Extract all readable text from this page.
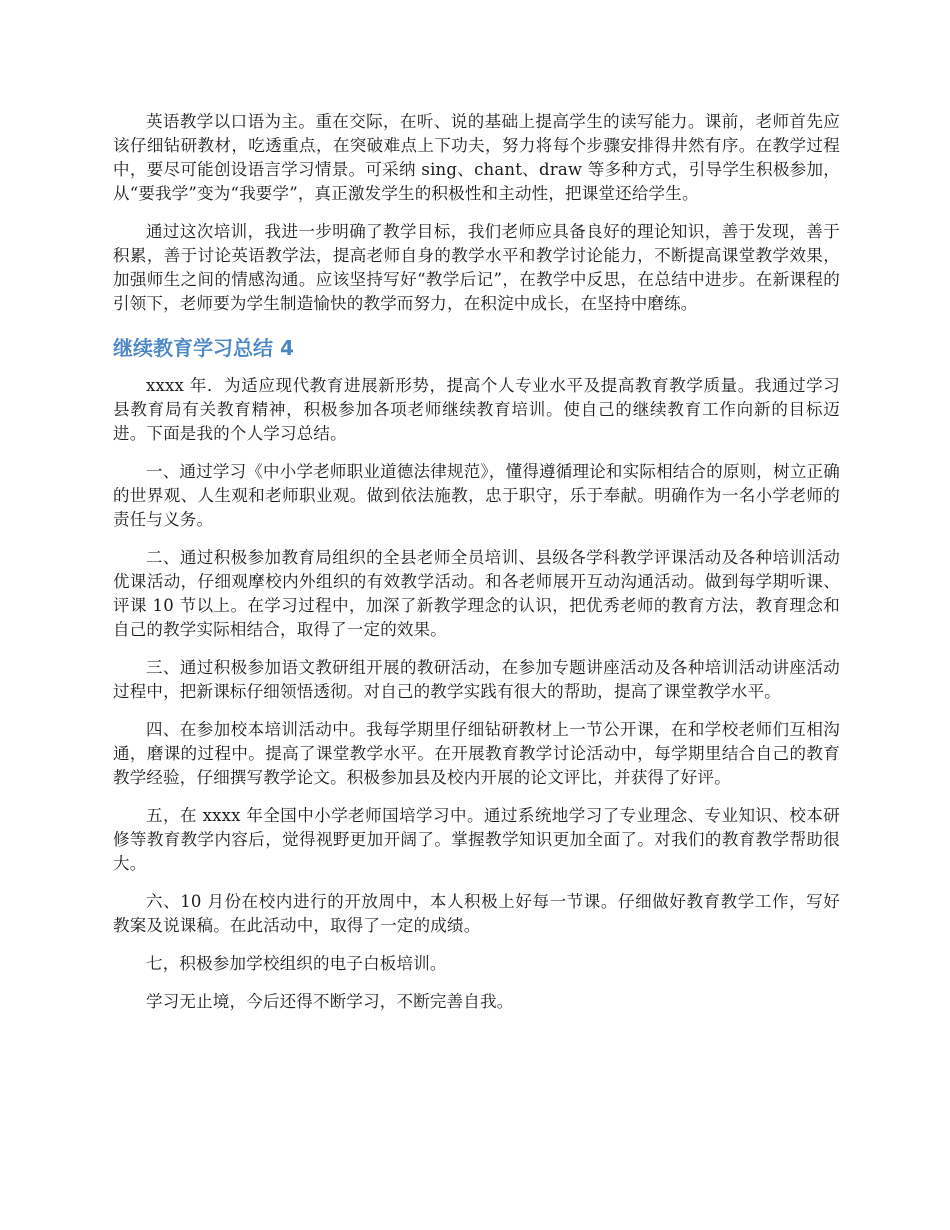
英语教学以口语为主。重在交际，在听、说的基础上提高学生的读写能力。课前，老师首先应该仔细钻研教材，吃透重点，在突破难点上下功夫，努力将每个步骤安排得井然有序。在教学过程中，要尽可能创设语言学习情景。可采纳 sing、chant、draw 等多种方式，引导学生积极参加，从“要我学”变为“我要学”，真正激发学生的积极性和主动性，把课堂还给学生。

通过这次培训，我进一步明确了教学目标，我们老师应具备良好的理论知识，善于发现，善于积累，善于讨论英语教学法，提高老师自身的教学水平和教学讨论能力，不断提高课堂教学效果，加强师生之间的情感沟通。应该坚持写好“教学后记”，在教学中反思，在总结中进步。在新课程的引领下，老师要为学生制造愉快的教学而努力，在积淀中成长，在坚持中磨练。

继续教育学习总结 4

xxxx 年．为适应现代教育进展新形势，提高个人专业水平及提高教育教学质量。我通过学习县教育局有关教育精神，积极参加各项老师继续教育培训。使自己的继续教育工作向新的目标迈进。下面是我的个人学习总结。

一、通过学习《中小学老师职业道德法律规范》，懂得遵循理论和实际相结合的原则，树立正确的世界观、人生观和老师职业观。做到依法施教，忠于职守，乐于奉献。明确作为一名小学老师的责任与义务。

二、通过积极参加教育局组织的全县老师全员培训、县级各学科教学评课活动及各种培训活动优课活动，仔细观摩校内外组织的有效教学活动。和各老师展开互动沟通活动。做到每学期听课、评课 10 节以上。在学习过程中，加深了新教学理念的认识，把优秀老师的教育方法，教育理念和自己的教学实际相结合，取得了一定的效果。

三、通过积极参加语文教研组开展的教研活动，在参加专题讲座活动及各种培训活动讲座活动过程中，把新课标仔细领悟透彻。对自己的教学实践有很大的帮助，提高了课堂教学水平。

四、在参加校本培训活动中。我每学期里仔细钻研教材上一节公开课，在和学校老师们互相沟通，磨课的过程中。提高了课堂教学水平。在开展教育教学讨论活动中，每学期里结合自己的教育教学经验，仔细撰写教学论文。积极参加县及校内开展的论文评比，并获得了好评。

五，在 xxxx 年全国中小学老师国培学习中。通过系统地学习了专业理念、专业知识、校本研修等教育教学内容后，觉得视野更加开阔了。掌握教学知识更加全面了。对我们的教育教学帮助很大。

六、10 月份在校内进行的开放周中，本人积极上好每一节课。仔细做好教育教学工作，写好教案及说课稿。在此活动中，取得了一定的成绩。

七，积极参加学校组织的电子白板培训。

学习无止境，今后还得不断学习，不断完善自我。
